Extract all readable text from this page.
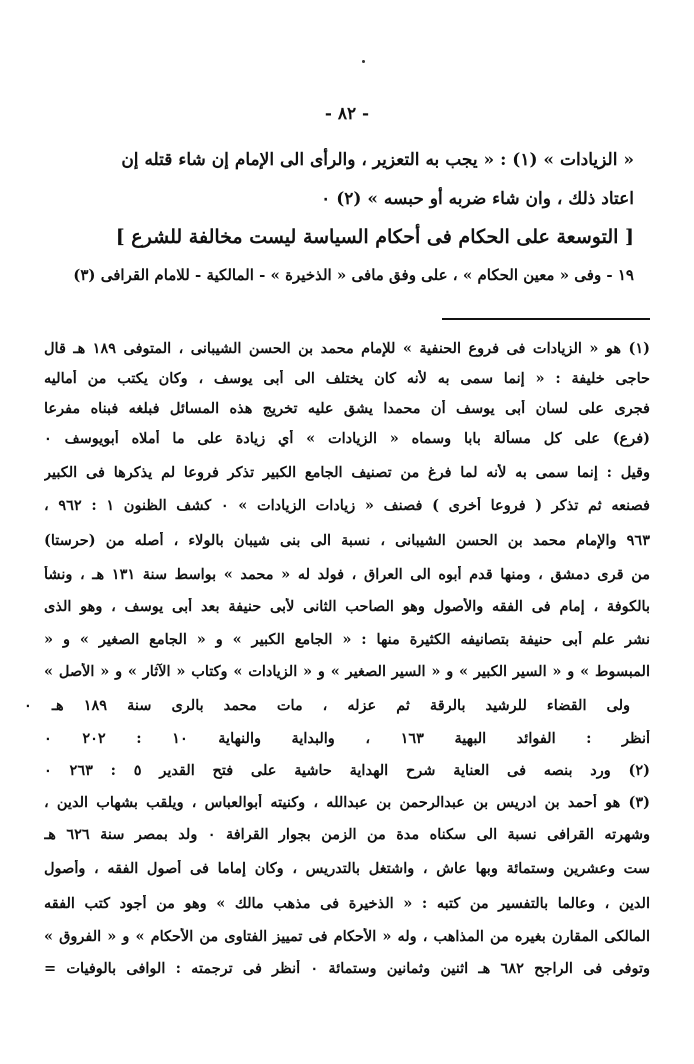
- ٨٢ -
« الزيادات » (١) : « يجب به التعزير ، والرأى الى الإمام إن شاء قتله إن
اعتاد ذلك ، وان شاء ضربه أو حبسه » (٢) ٠
[ التوسعة على الحكام فى أحكام السياسة ليست مخالفة للشرع ]
١٩ - وفى « معين الحكام » ، على وفق مافى « الذخيرة » - المالكية - للامام القرافى (٣)
(١) هو « الزيادات فى فروع الحنفية » للإمام محمد بن الحسن الشيبانى ، المتوفى ١٨٩ هـ قال
حاجى خليفة : « إنما سمى به لأنه كان يختلف الى أبى يوسف ، وكان يكتب من أماليه
فجرى على لسان أبى يوسف أن محمدا يشق عليه تخريج هذه المسائل فبلغه فبناه مفرعا
(فرع) على كل مسألة بابا وسماه « الزيادات » أي زيادة على ما أملاه أبويوسف ٠
وقيل : إنما سمى به لأنه لما فرغ من تصنيف الجامع الكبير تذكر فروعا لم يذكرها فى الكبير
فصنعه ثم تذكر ( فروعا أخرى ) فصنف « زيادات الزيادات » ٠ كشف الظنون ١ : ٩٦٢ ،
٩٦٣ والإمام محمد بن الحسن الشيبانى ، نسبة الى بنى شيبان بالولاء ، أصله من (حرستا)
من قرى دمشق ، ومنها قدم أبوه الى العراق ، فولد له « محمد » بواسط سنة ١٣١ هـ ، ونشأ
بالكوفة ، إمام فى الفقه والأصول وهو الصاحب الثانى لأبى حنيفة بعد أبى يوسف ، وهو الذى
نشر علم أبى حنيفة بتصانيفه الكثيرة منها : « الجامع الكبير » و « الجامع الصغير » و «
المبسوط » و « السير الكبير » و « السير الصغير » و « الزيادات » وكتاب « الآثار » و « الأصل »
ولى القضاء للرشيد بالرقة ثم عزله ، مات محمد بالرى سنة ١٨٩ هـ ٠
أنظر : الفوائد البهية ١٦٣ ، والبداية والنهاية ١٠ : ٢٠٢ ٠
(٢) ورد بنصه فى العناية شرح الهداية حاشية على فتح القدير ٥ : ٢٦٣ ٠
(٣) هو أحمد بن ادريس بن عبدالرحمن بن عبدالله ، وكنيته أبوالعباس ، ويلقب بشهاب الدين ،
وشهرته القرافى نسبة الى سكناه مدة من الزمن بجوار القرافة ٠ ولد بمصر سنة ٦٢٦ هـ
ست وعشرين وستمائة وبها عاش ، واشتغل بالتدريس ، وكان إماما فى أصول الفقه ، وأصول
الدين ، وعالما بالتفسير من كتبه : « الذخيرة فى مذهب مالك » وهو من أجود كتب الفقه
المالكى المقارن بغيره من المذاهب ، وله « الأحكام فى تمييز الفتاوى من الأحكام » و « الفروق »
وتوفى فى الراجح ٦٨٢ هـ اثنين وثمانين وستمائة ٠ أنظر فى ترجمته : الوافى بالوفيات =
